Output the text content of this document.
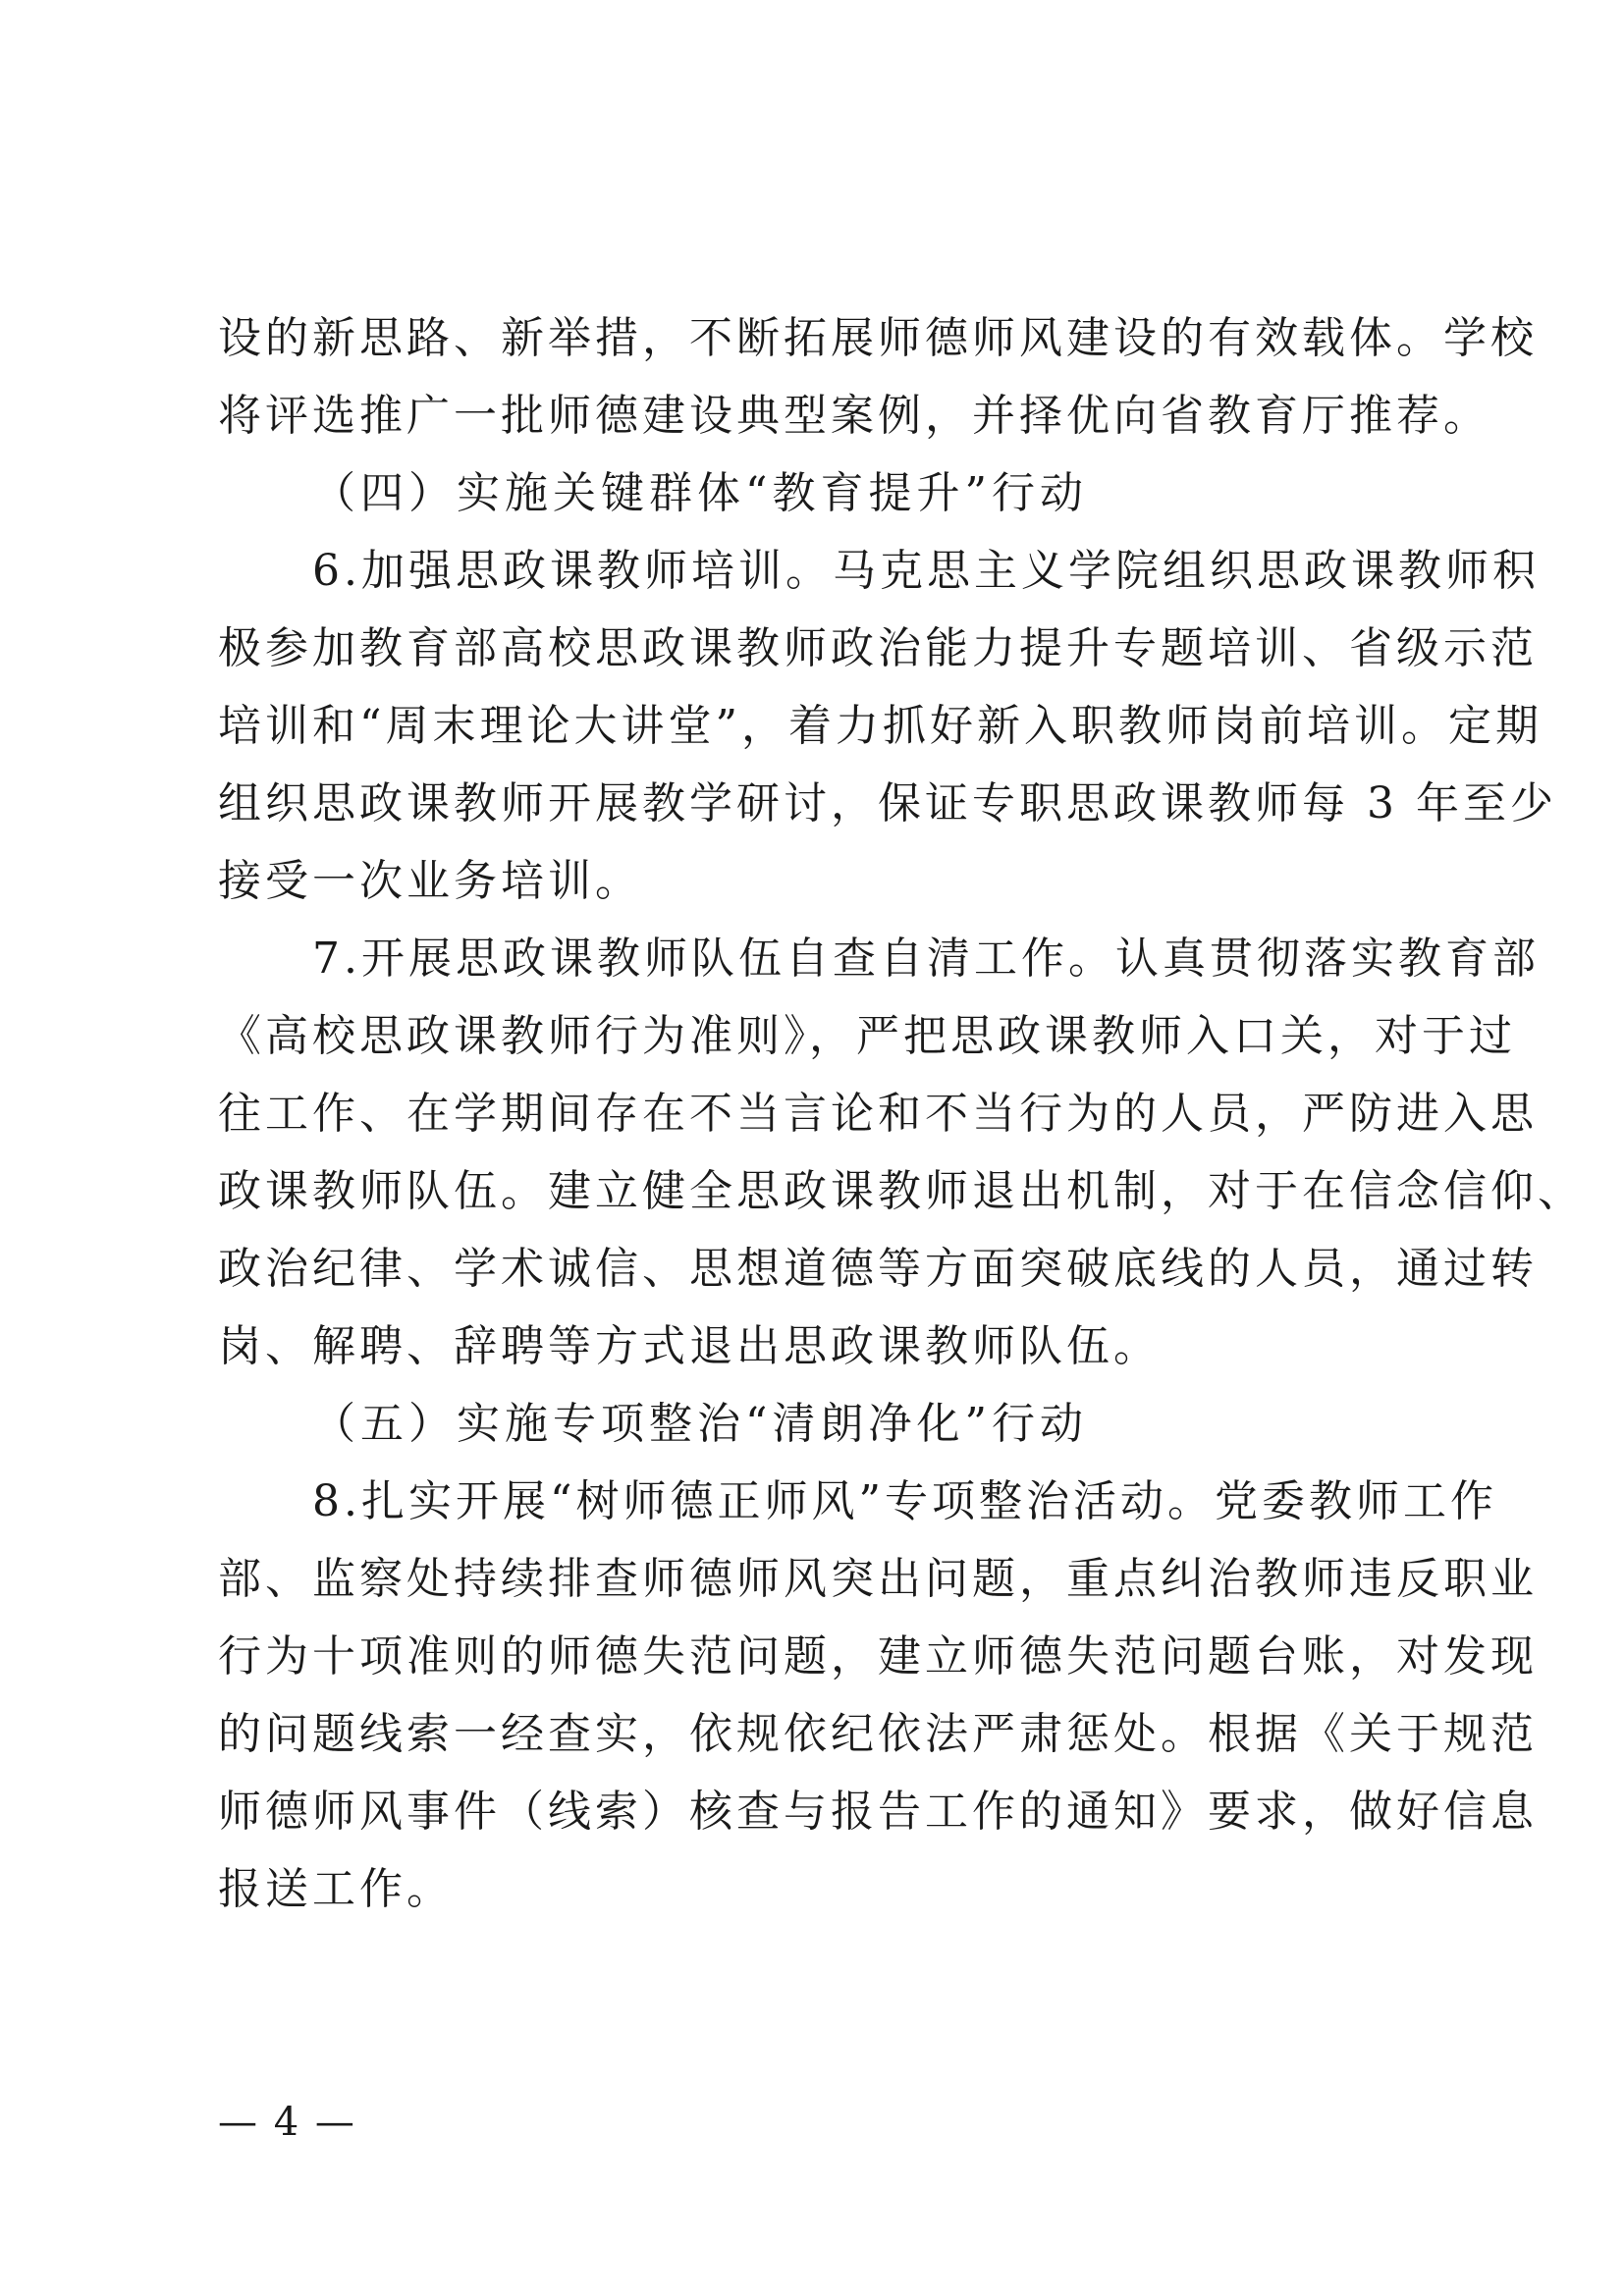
设的新思路、新举措，不断拓展师德师风建设的有效载体。学校
将评选推广一批师德建设典型案例，并择优向省教育厅推荐。
（四）实施关键群体“教育提升”行动
6.加强思政课教师培训。马克思主义学院组织思政课教师积
极参加教育部高校思政课教师政治能力提升专题培训、省级示范
培训和“周末理论大讲堂”，着力抓好新入职教师岗前培训。定期
组织思政课教师开展教学研讨，保证专职思政课教师每 3 年至少
接受一次业务培训。
7.开展思政课教师队伍自查自清工作。认真贯彻落实教育部
《高校思政课教师行为准则》，严把思政课教师入口关，对于过
往工作、在学期间存在不当言论和不当行为的人员，严防进入思
政课教师队伍。建立健全思政课教师退出机制，对于在信念信仰、
政治纪律、学术诚信、思想道德等方面突破底线的人员，通过转
岗、解聘、辞聘等方式退出思政课教师队伍。
（五）实施专项整治“清朗净化”行动
8.扎实开展“树师德正师风”专项整治活动。党委教师工作
部、监察处持续排查师德师风突出问题，重点纠治教师违反职业
行为十项准则的师德失范问题，建立师德失范问题台账，对发现
的问题线索一经查实，依规依纪依法严肃惩处。根据《关于规范
师德师风事件（线索）核查与报告工作的通知》要求，做好信息
报送工作。
— 4 —
